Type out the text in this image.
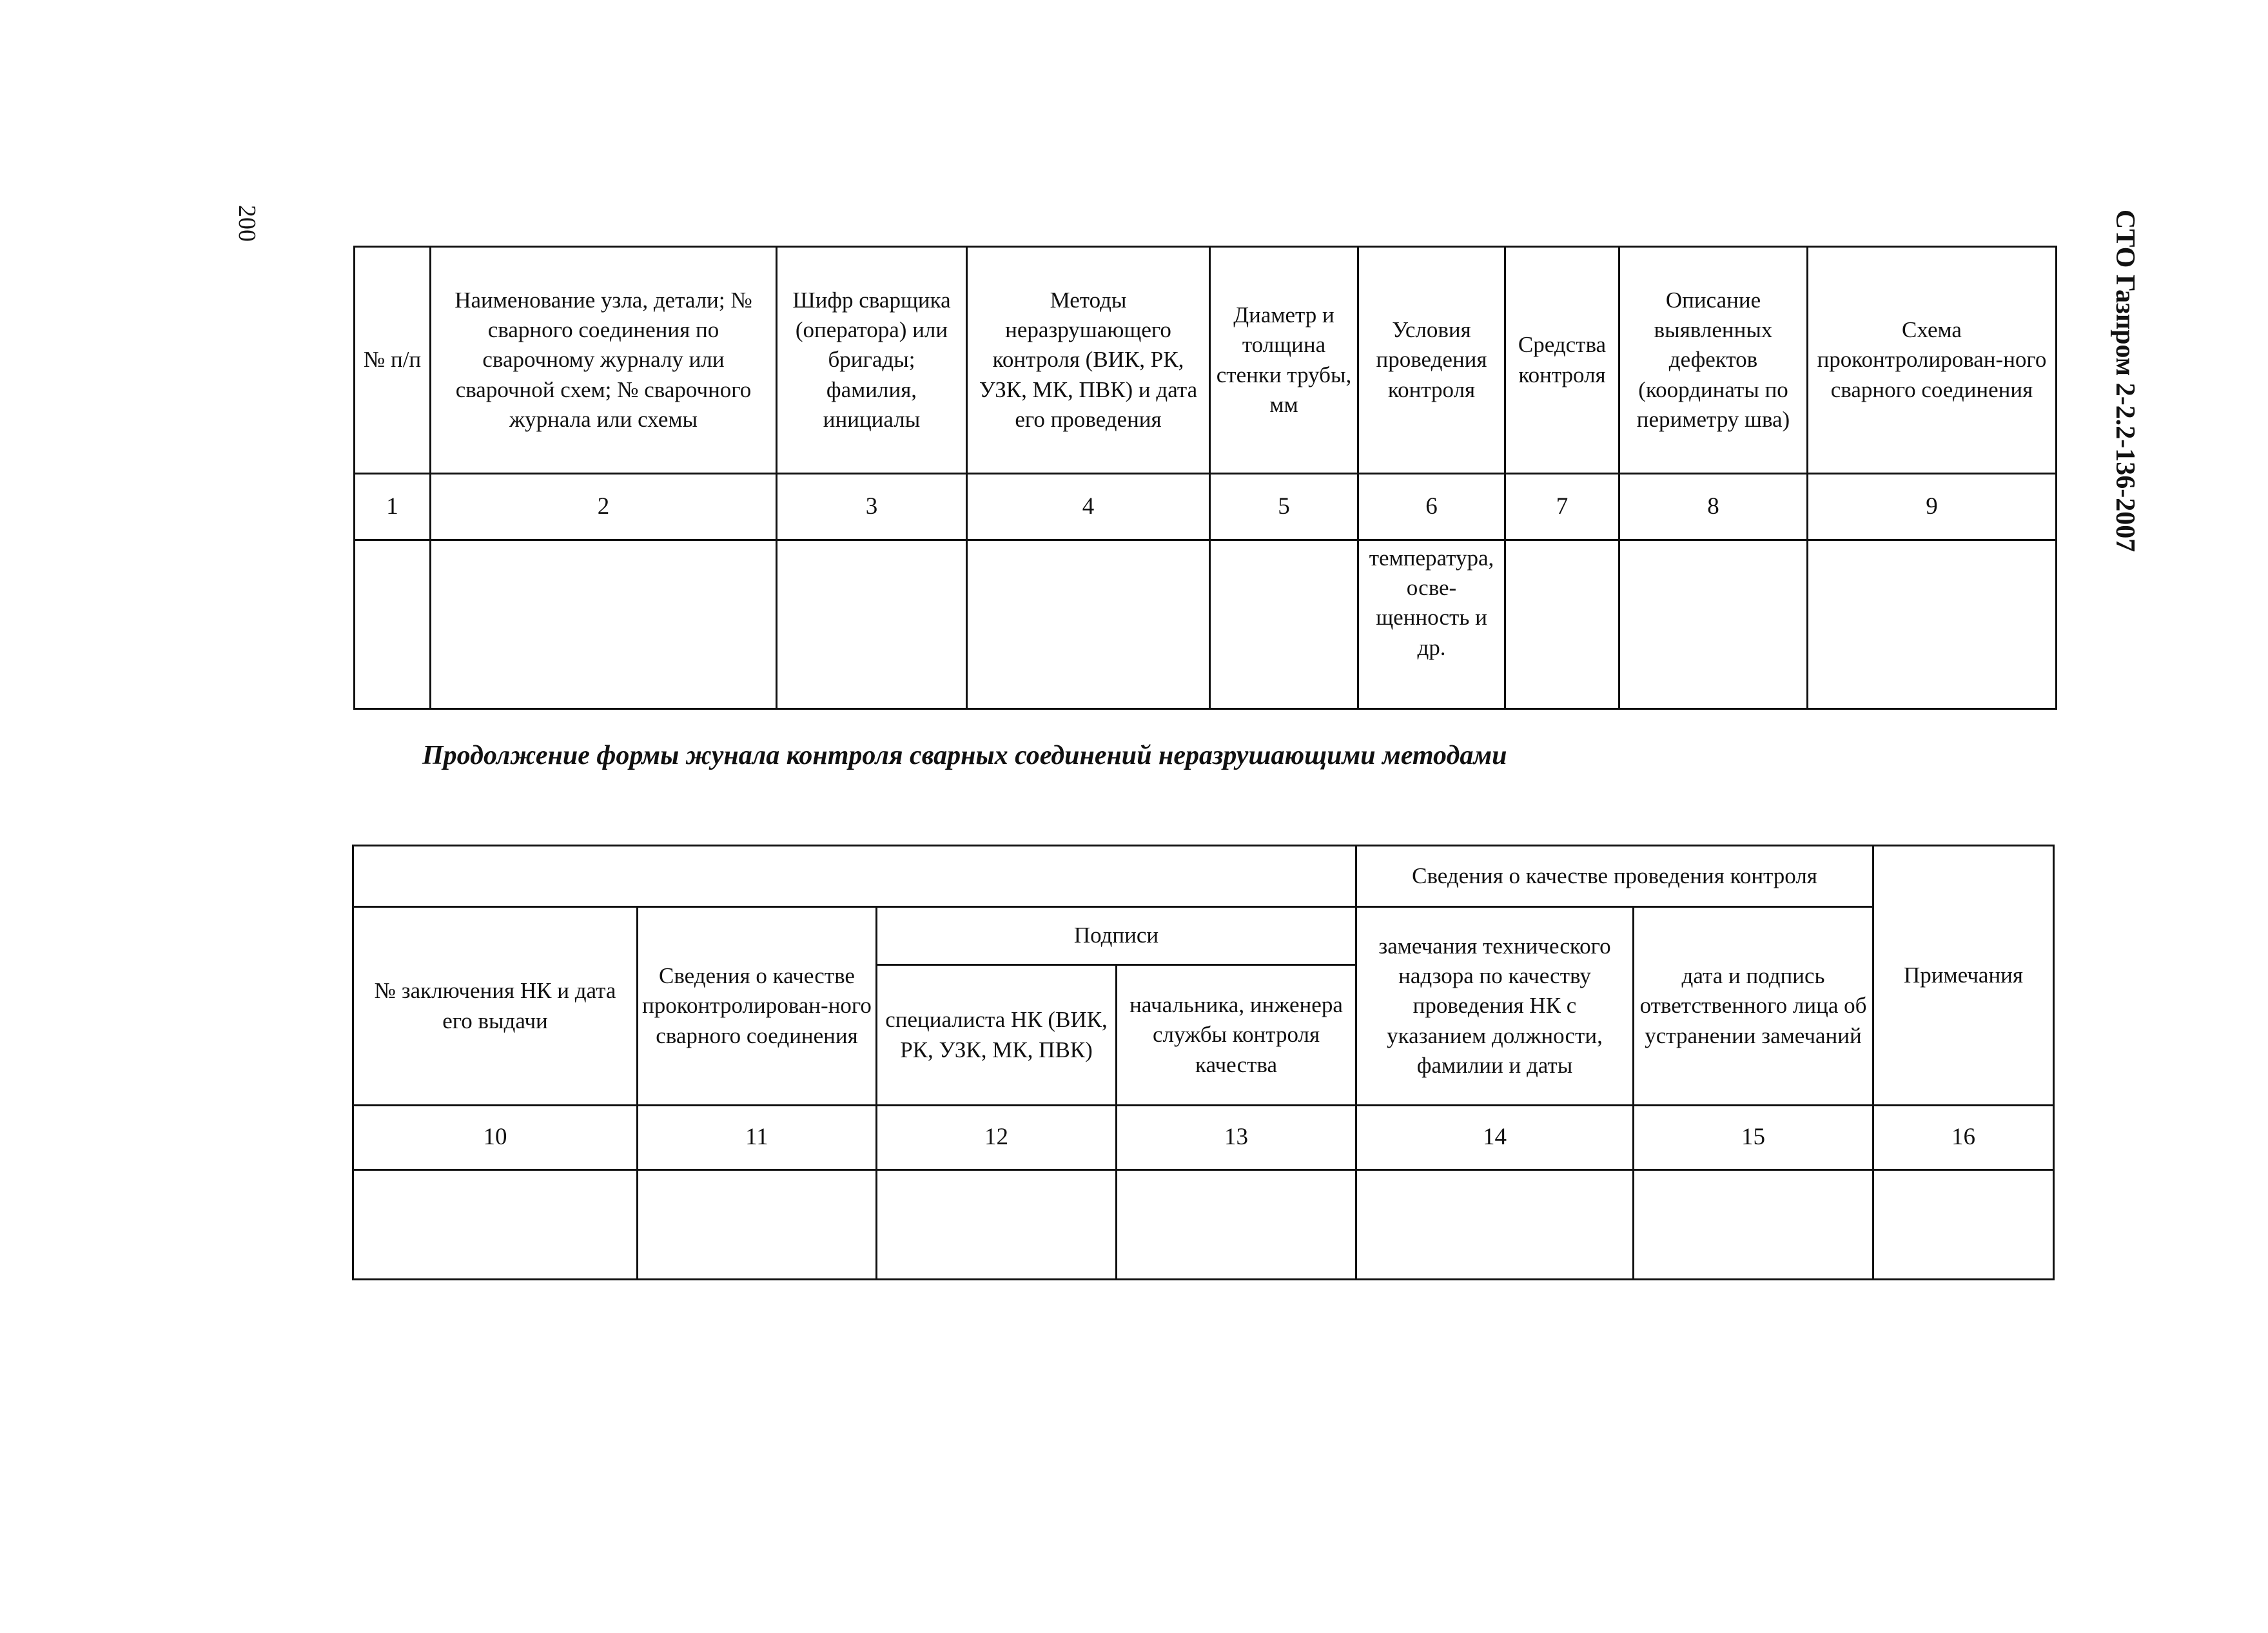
200	СТО Газпром 2-2.2-136-2007
№ п/п	Наименование узла, детали; № сварного соединения по сварочному журналу или сварочной схем; № сварочного журнала или схемы	Шифр сварщика (оператора) или бригады; фамилия, инициалы	Методы неразрушающего контроля (ВИК, РК, УЗК, МК, ПВК) и дата его проведения	Диаметр и толщина стенки трубы, мм	Условия проведения контроля	Средства контроля	Описание выявленных дефектов (координаты по периметру шва)	Схема проконтролирован-ного сварного соединения
1	2	3	4	5	6	7	8	9
					температура, осве-щенность и др.			
Продолжение формы жунала контроля сварных соединений неразрушающими методами
				Сведения о качестве проведения контроля		Примечания
№ заключения НК и дата его выдачи	Сведения о качестве проконтролирован-ного сварного соединения	Подписи		замечания технического надзора по качеству проведения НК с указанием должности, фамилии и даты	дата и подпись ответственного лица об устранении замечаний	
		специалиста НК (ВИК, РК, УЗК, МК, ПВК)	начальника, инженера службы контроля качества			
10	11	12	13	14	15	16
